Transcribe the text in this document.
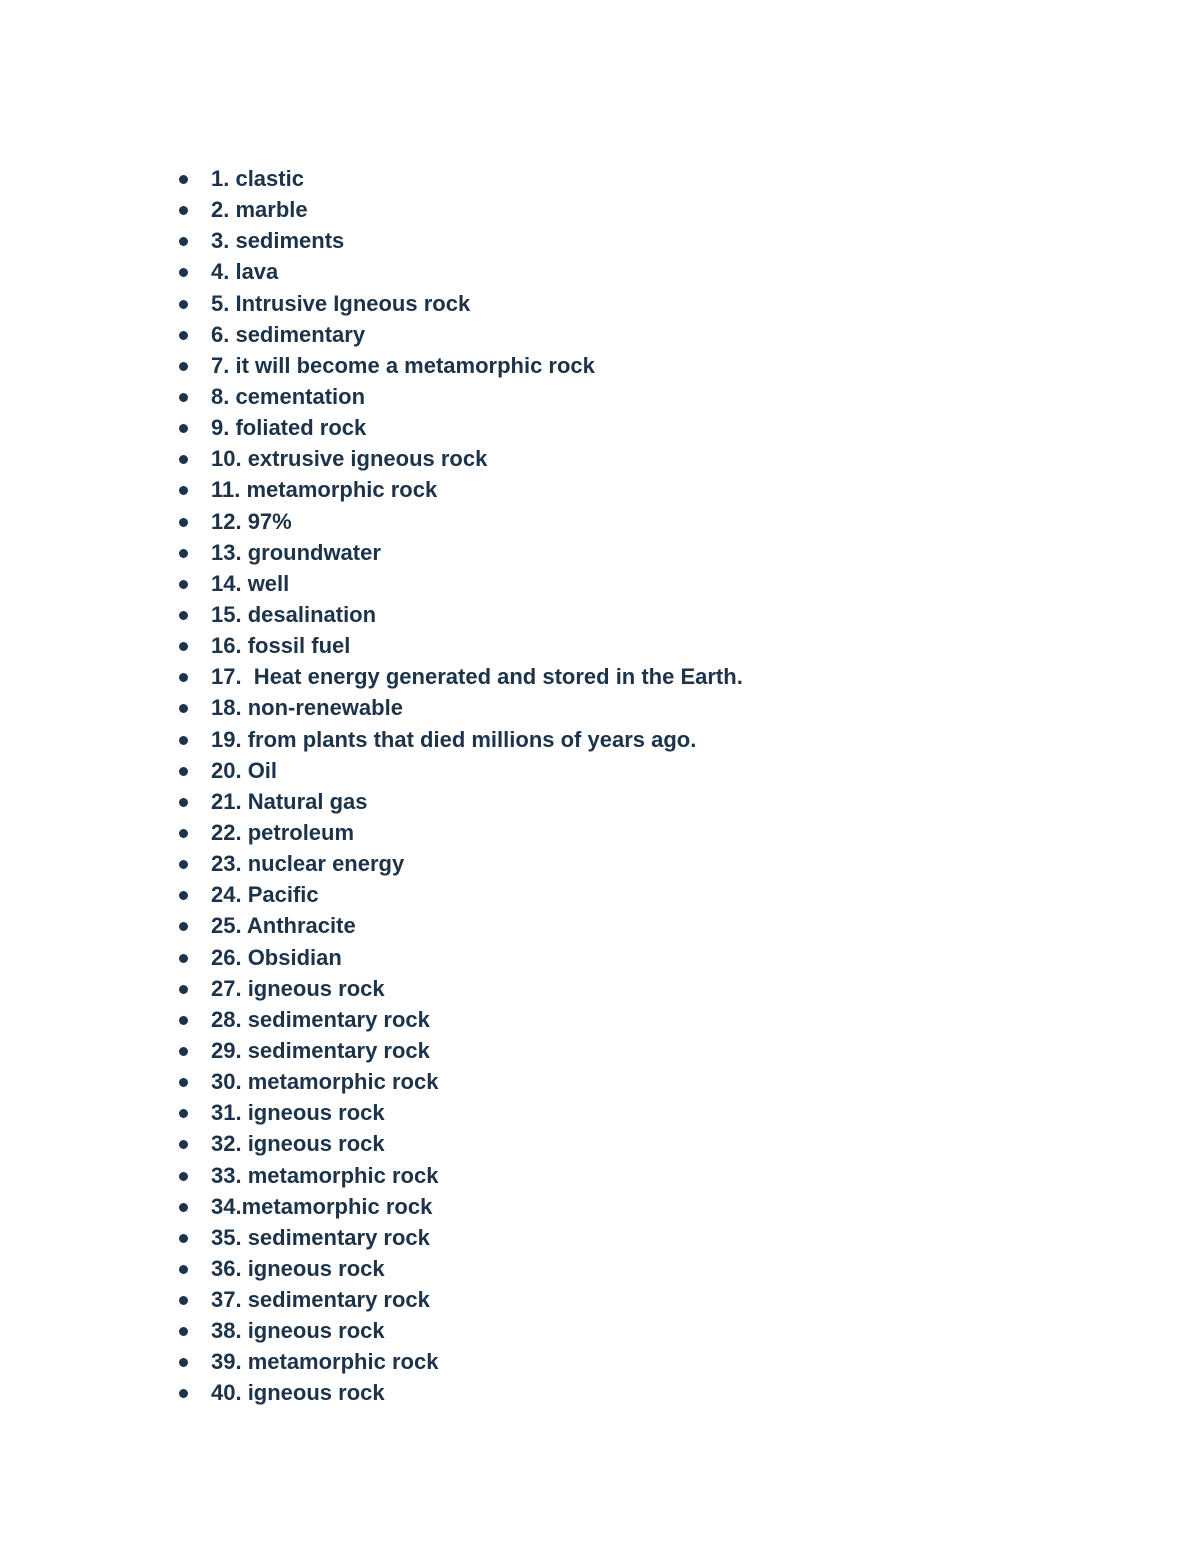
1. clastic
2. marble
3. sediments
4. lava
5. Intrusive Igneous rock
6. sedimentary
7. it will become a metamorphic rock
8. cementation
9. foliated rock
10. extrusive igneous rock
11. metamorphic rock
12. 97%
13. groundwater
14. well
15. desalination
16. fossil fuel
17.  Heat energy generated and stored in the Earth.
18. non-renewable
19. from plants that died millions of years ago.
20. Oil
21. Natural gas
22. petroleum
23. nuclear energy
24. Pacific
25. Anthracite
26. Obsidian
27. igneous rock
28. sedimentary rock
29. sedimentary rock
30. metamorphic rock
31. igneous rock
32. igneous rock
33. metamorphic rock
34.metamorphic rock
35. sedimentary rock
36. igneous rock
37. sedimentary rock
38. igneous rock
39. metamorphic rock
40. igneous rock
